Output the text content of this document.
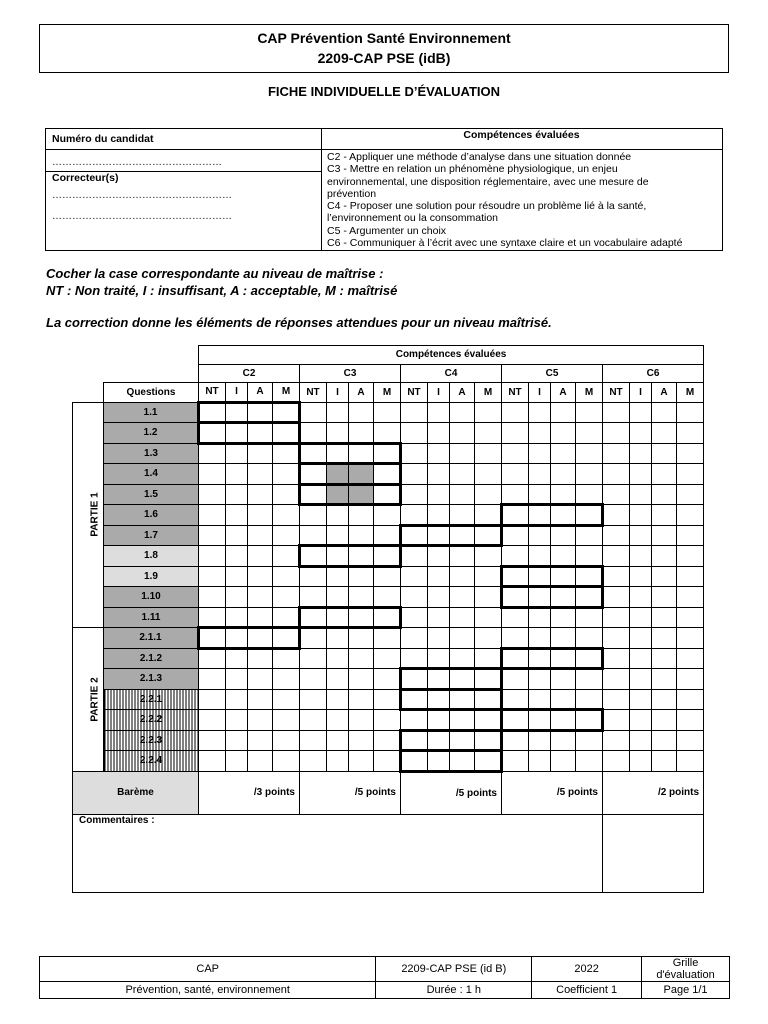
CAP Prévention Santé Environnement
2209-CAP PSE (idB)
FICHE INDIVIDUELLE D’ÉVALUATION
Numéro du candidat
……………………………………………
Correcteur(s)
………………………………………………
………………………………………………
Compétences évaluées
C2 - Appliquer une méthode d’analyse dans une situation donnée
C3 - Mettre en relation un phénomène physiologique, un enjeu
environnemental, une disposition réglementaire, avec une mesure de
prévention
C4 - Proposer une solution pour résoudre un problème lié à la santé,
l’environnement ou la consommation
C5 - Argumenter un choix
C6 - Communiquer à l’écrit avec une syntaxe claire et un vocabulaire adapté
Cocher la case correspondante au niveau de maîtrise :
NT : Non traité, I : insuffisant, A : acceptable, M : maîtrisé
La correction donne les éléments de réponses attendues pour un niveau maîtrisé.
		Compétences évaluées																			
		C2				C3				C4				C5				C6			
	Questions	NT	I	A	M	NT	I	A	M	NT	I	A	M	NT	I	A	M	NT	I	A	M
PARTIE 1	1.1																				
	1.2																				
	1.3																				
	1.4																				
	1.5																				
	1.6																				
	1.7																				
	1.8																				
	1.9																				
	1.10																				
	1.11																				
PARTIE 2	2.1.1																				
	2.1.2																				
	2.1.3																				
	2.2.1																				
	2.2.2																				
	2.2.3																				
	2.2.4																				
Barème		/3 points				/5 points				/5 points				/5 points				/2 points			
Commentaires :																					
CAP	2209-CAP PSE (id B)	2022	Grille d'évaluation
Prévention, santé, environnement	Durée : 1 h	Coefficient 1	Page 1/1
